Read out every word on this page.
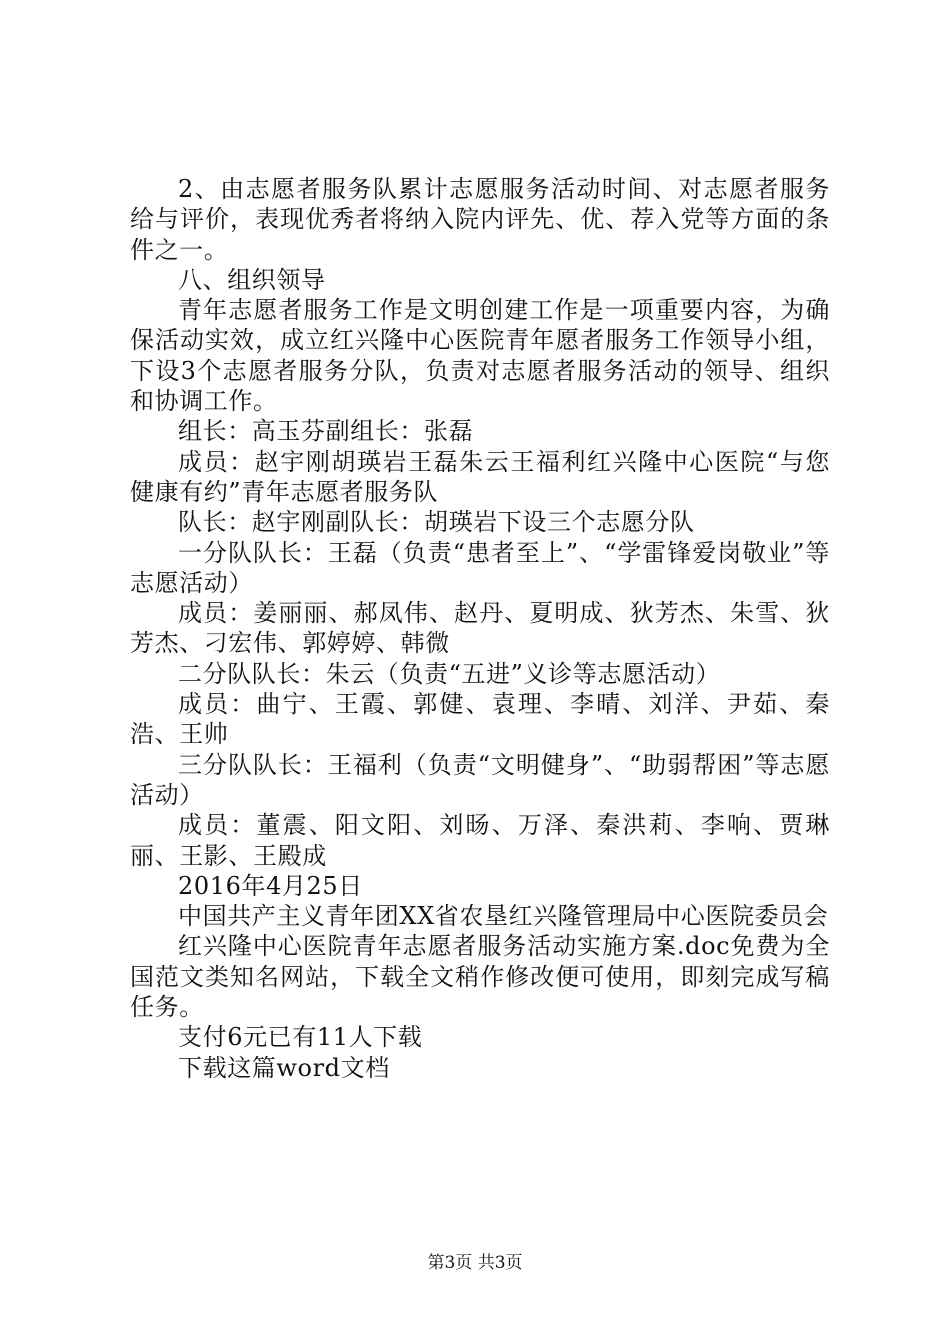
2、由志愿者服务队累计志愿服务活动时间、对志愿者服务给与评价，表现优秀者将纳入院内评先、优、荐入党等方面的条件之一。

八、组织领导

青年志愿者服务工作是文明创建工作是一项重要内容，为确保活动实效，成立红兴隆中心医院青年愿者服务工作领导小组，下设3个志愿者服务分队，负责对志愿者服务活动的领导、组织和协调工作。

组长：高玉芬副组长：张磊

成员：赵宇刚胡瑛岩王磊朱云王福利红兴隆中心医院“与您健康有约”青年志愿者服务队

队长：赵宇刚副队长：胡瑛岩下设三个志愿分队

一分队队长：王磊（负责“患者至上”、“学雷锋爱岗敬业”等志愿活动）

成员：姜丽丽、郝凤伟、赵丹、夏明成、狄芳杰、朱雪、狄芳杰、刁宏伟、郭婷婷、韩微

二分队队长：朱云（负责“五进”义诊等志愿活动）

成员：曲宁、王霞、郭健、袁理、李晴、刘洋、尹茹、秦浩、王帅

三分队队长：王福利（负责“文明健身”、“助弱帮困”等志愿活动）

成员：董震、阳文阳、刘旸、万泽、秦洪莉、李响、贾琳丽、王影、王殿成

2016年4月25日

中国共产主义青年团XX省农垦红兴隆管理局中心医院委员会

红兴隆中心医院青年志愿者服务活动实施方案.doc免费为全国范文类知名网站，下载全文稍作修改便可使用，即刻完成写稿任务。

支付6元已有11人下载

下载这篇word文档

第3页 共3页
